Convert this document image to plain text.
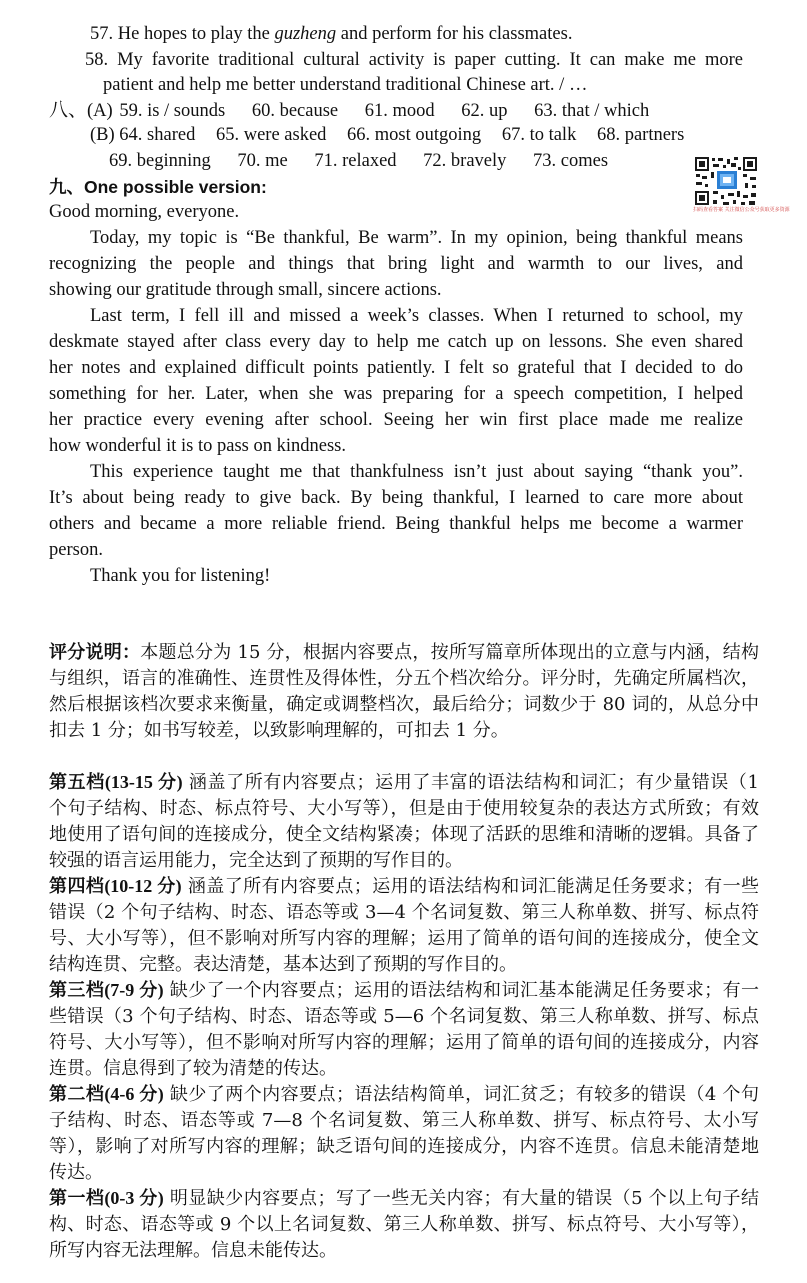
57. He hopes to play the guzheng and perform for his classmates.
58. My favorite traditional cultural activity is paper cutting. It can make me more
patient and help me better understand traditional Chinese art. / …
八、(A) 59. is / sounds 60. because 61. mood 62. up 63. that / which
(B) 64. shared 65. were asked 66. most outgoing 67. to talk 68. partners
69. beginning 70. me 71. relaxed 72. bravely 73. comes
扫码查看答案 关注微信公众号获取更多资源
九、One possible version:
Good morning, everyone.
Today, my topic is “Be thankful, Be warm”. In my opinion, being thankful means
recognizing the people and things that bring light and warmth to our lives, and
showing our gratitude through small, sincere actions.
Last term, I fell ill and missed a week’s classes. When I returned to school, my
deskmate stayed after class every day to help me catch up on lessons. She even shared
her notes and explained difficult points patiently. I felt so grateful that I decided to do
something for her. Later, when she was preparing for a speech competition, I helped
her practice every evening after school. Seeing her win first place made me realize
how wonderful it is to pass on kindness.
This experience taught me that thankfulness isn’t just about saying “thank you”.
It’s about being ready to give back. By being thankful, I learned to care more about
others and became a more reliable friend. Being thankful helps me become a warmer
person.
Thank you for listening!
评分说明：本题总分为 15 分，根据内容要点，按所写篇章所体现出的立意与内涵，结构与组织，语言的准确性、连贯性及得体性，分五个档次给分。评分时，先确定所属档次，然后根据该档次要求来衡量，确定或调整档次，最后给分；词数少于 80 词的，从总分中扣去 1 分；如书写较差，以致影响理解的，可扣去 1 分。
第五档(13-15 分) 涵盖了所有内容要点；运用了丰富的语法结构和词汇；有少量错误（1 个句子结构、时态、标点符号、大小写等），但是由于使用较复杂的表达方式所致；有效地使用了语句间的连接成分，使全文结构紧凑；体现了活跃的思维和清晰的逻辑。具备了较强的语言运用能力，完全达到了预期的写作目的。
第四档(10-12 分) 涵盖了所有内容要点；运用的语法结构和词汇能满足任务要求；有一些错误（2 个句子结构、时态、语态等或 3—4 个名词复数、第三人称单数、拼写、标点符号、大小写等），但不影响对所写内容的理解；运用了简单的语句间的连接成分，使全文结构连贯、完整。表达清楚，基本达到了预期的写作目的。
第三档(7-9 分) 缺少了一个内容要点；运用的语法结构和词汇基本能满足任务要求；有一些错误（3 个句子结构、时态、语态等或 5—6 个名词复数、第三人称单数、拼写、标点符号、大小写等），但不影响对所写内容的理解；运用了简单的语句间的连接成分，内容连贯。信息得到了较为清楚的传达。
第二档(4-6 分) 缺少了两个内容要点；语法结构简单，词汇贫乏；有较多的错误（4 个句子结构、时态、语态等或 7—8 个名词复数、第三人称单数、拼写、标点符号、太小写等），影响了对所写内容的理解；缺乏语句间的连接成分，内容不连贯。信息未能清楚地传达。
第一档(0-3 分) 明显缺少内容要点；写了一些无关内容；有大量的错误（5 个以上句子结构、时态、语态等或 9 个以上名词复数、第三人称单数、拼写、标点符号、大小写等），所写内容无法理解。信息未能传达。
